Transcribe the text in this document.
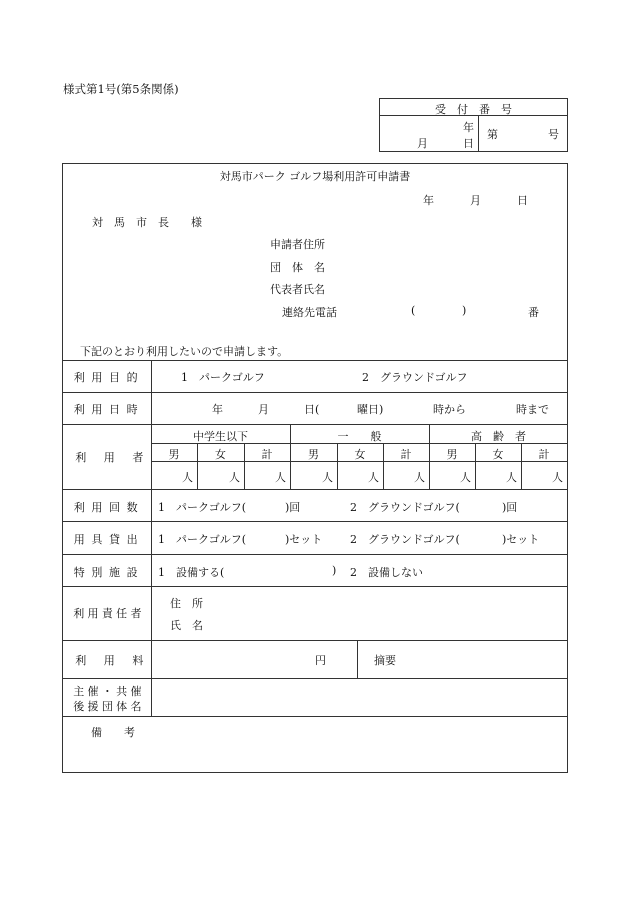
様式第1号(第5条関係)
受　付　番　号
年
月	日
第	号
対馬市パーク ゴルフ場利用許可申請書
年	月	日
対　馬　市　長　　様
申請者住所
団　体　名
代表者氏名
連絡先電話	(	)	番
下記のとおり利用したいので申請します。
利用目的	1　パークゴルフ	2　グラウンドゴルフ
利用日時	年	月	日(	曜日)	時から	時まで
利用者
中学生以下	一　　般	高　齢　者
男	女	計	男	女	計	男	女	計
人	人	人	人	人	人	人	人	人
利用回数	1　パークゴルフ(	)回	2　グラウンドゴルフ(	)回
用具貸出	1　パークゴルフ(	)セット	2　グラウンドゴルフ(	)セット
特別施設	1　設備する(	) 2　設備しない
利用責任者
住　所
氏　名
利用料	円	摘要
主催・共催
後援団体名
備　　考
